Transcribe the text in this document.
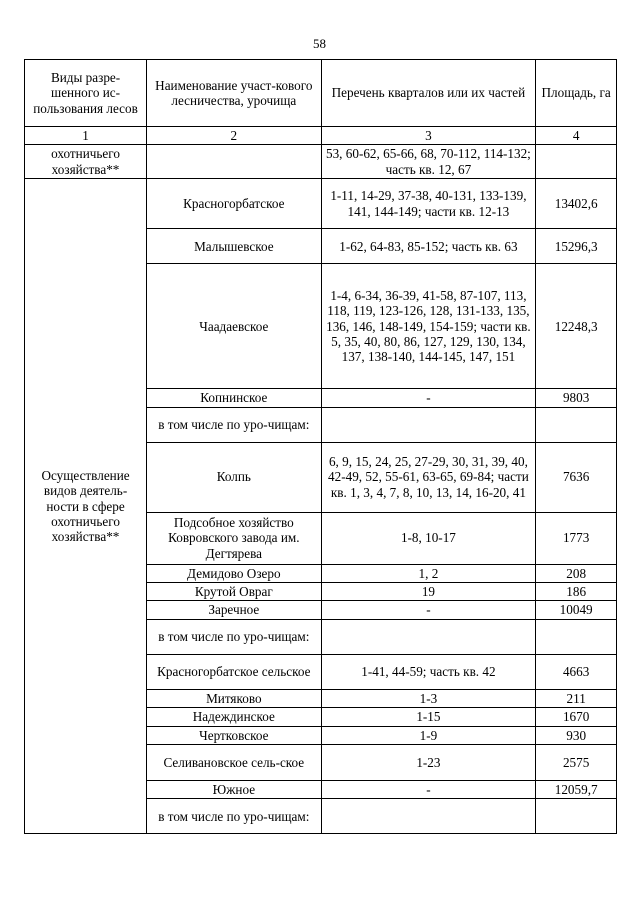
58
Виды разре-шенного ис-пользования лесов	Наименование участ-кового лесничества, урочища	Перечень кварталов или их частей	Площадь, га
1	2	3	4
охотничьего хозяйства**		53, 60-62, 65-66, 68, 70-112, 114-132; часть кв. 12, 67	
Осуществление видов деятель-ности в сфере охотничьего хозяйства**	Красногорбатское	1-11, 14-29, 37-38, 40-131, 133-139, 141, 144-149; части кв. 12-13	13402,6
	Малышевское	1-62, 64-83, 85-152; часть кв. 63	15296,3
	Чаадаевское	1-4, 6-34, 36-39, 41-58, 87-107, 113, 118, 119, 123-126, 128, 131-133, 135, 136, 146, 148-149, 154-159; части кв. 5, 35, 40, 80, 86, 127, 129, 130, 134, 137, 138-140, 144-145, 147, 151	12248,3
	Копнинское	-	9803
	в том числе по уро-чищам:		
	Колпь	6, 9, 15, 24, 25, 27-29, 30, 31, 39, 40, 42-49, 52, 55-61, 63-65, 69-84; части кв. 1, 3, 4, 7, 8, 10, 13, 14, 16-20, 41	7636
	Подсобное хозяйство Ковровского завода им. Дегтярева	1-8, 10-17	1773
	Демидово Озеро	1, 2	208
	Крутой Овраг	19	186
	Заречное	-	10049
	в том числе по уро-чищам:		
	Красногорбатское сельское	1-41, 44-59; часть кв. 42	4663
	Митяково	1-3	211
	Надеждинское	1-15	1670
	Чертковское	1-9	930
	Селивановское сель-ское	1-23	2575
	Южное	-	12059,7
	в том числе по уро-чищам:		
